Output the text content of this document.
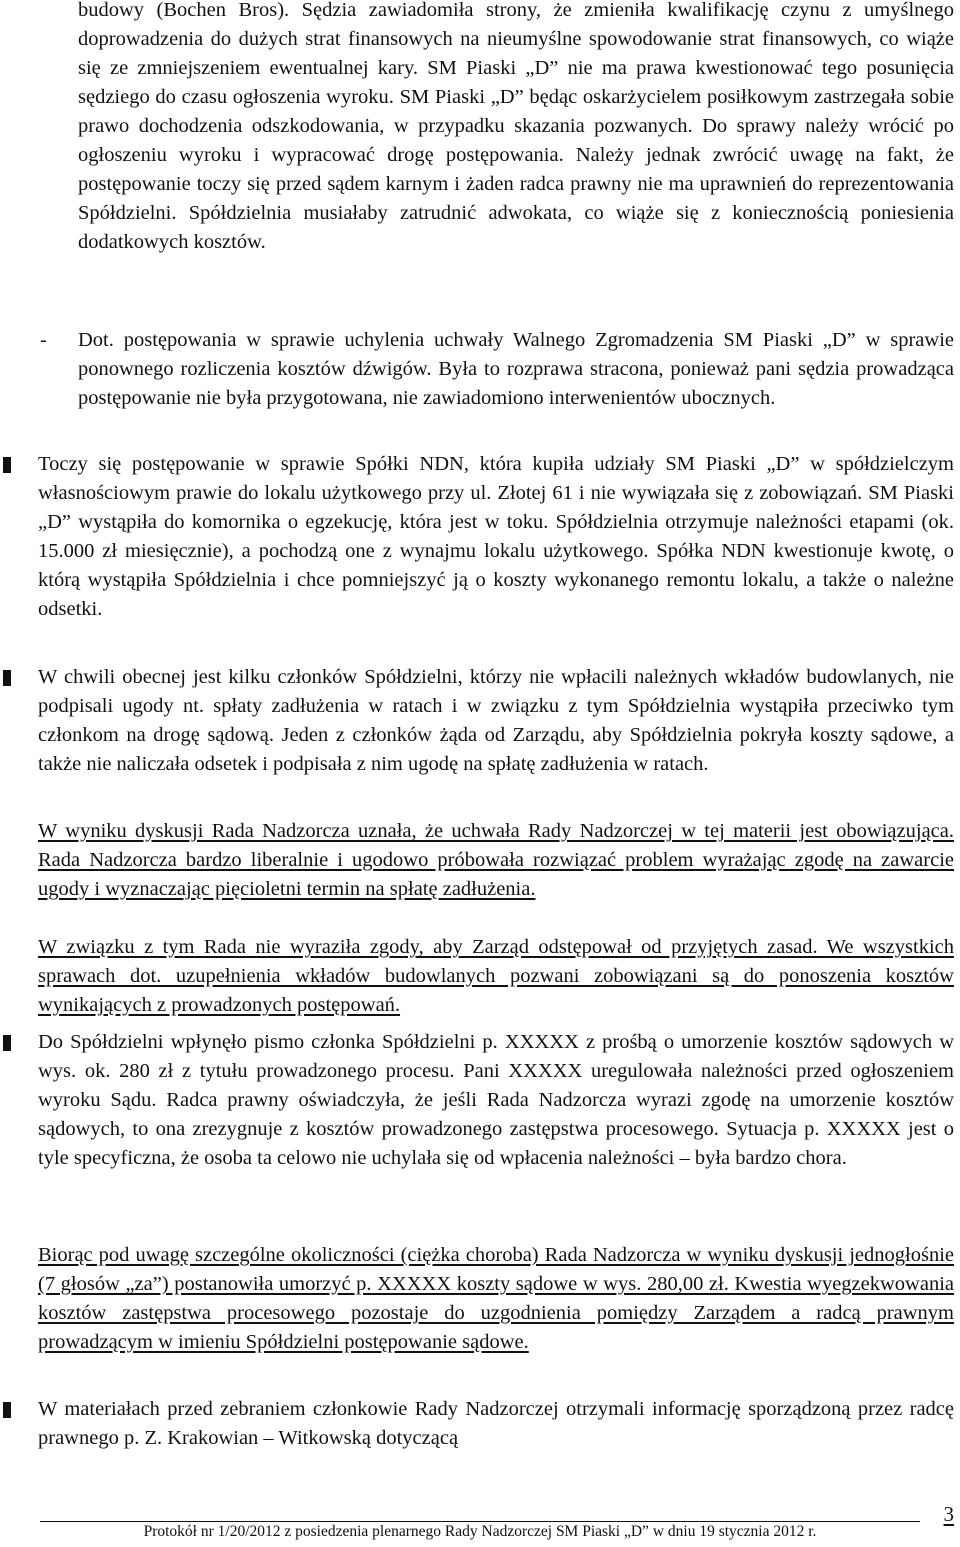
budowy (Bochen Bros). Sędzia zawiadomiła strony, że zmieniła kwalifikację czynu z umyślnego doprowadzenia do dużych strat finansowych na nieumyślne spowodowanie strat finansowych, co wiąże się ze zmniejszeniem ewentualnej kary. SM Piaski „D” nie ma prawa kwestionować tego posunięcia sędziego do czasu ogłoszenia wyroku. SM Piaski „D” będąc oskarżycielem posiłkowym zastrzegała sobie prawo dochodzenia odszkodowania, w przypadku skazania pozwanych. Do sprawy należy wrócić po ogłoszeniu wyroku i wypracować drogę postępowania. Należy jednak zwrócić uwagę na fakt, że postępowanie toczy się przed sądem karnym i żaden radca prawny nie ma uprawnień do reprezentowania Spółdzielni. Spółdzielnia musiałaby zatrudnić adwokata, co wiąże się z koniecznością poniesienia dodatkowych kosztów.
- Dot. postępowania w sprawie uchylenia uchwały Walnego Zgromadzenia SM Piaski „D” w sprawie ponownego rozliczenia kosztów dźwigów. Była to rozprawa stracona, ponieważ pani sędzia prowadząca postępowanie nie była przygotowana, nie zawiadomiono interwenientów ubocznych.
Toczy się postępowanie w sprawie Spółki NDN, która kupiła udziały SM Piaski „D” w spółdzielczym własnościowym prawie do lokalu użytkowego przy ul. Złotej 61 i nie wywiązała się z zobowiązań. SM Piaski „D” wystąpiła do komornika o egzekucję, która jest w toku. Spółdzielnia otrzymuje należności etapami (ok. 15.000 zł miesięcznie), a pochodzą one z wynajmu lokalu użytkowego. Spółka NDN kwestionuje kwotę, o którą wystąpiła Spółdzielnia i chce pomniejszyć ją o koszty wykonanego remontu lokalu, a także o należne odsetki.
W chwili obecnej jest kilku członków Spółdzielni, którzy nie wpłacili należnych wkładów budowlanych, nie podpisali ugody nt. spłaty zadłużenia w ratach i w związku z tym Spółdzielnia wystąpiła przeciwko tym członkom na drogę sądową. Jeden z członków żąda od Zarządu, aby Spółdzielnia pokryła koszty sądowe, a także nie naliczała odsetek i podpisała z nim ugodę na spłatę zadłużenia w ratach.
W wyniku dyskusji Rada Nadzorcza uznała, że uchwała Rady Nadzorczej w tej materii jest obowiązująca. Rada Nadzorcza bardzo liberalnie i ugodowo próbowała rozwiązać problem wyrażając zgodę na zawarcie ugody i wyznaczając pięcioletni termin na spłatę zadłużenia.
W związku z tym Rada nie wyraziła zgody, aby Zarząd odstępował od przyjętych zasad. We wszystkich sprawach dot. uzupełnienia wkładów budowlanych pozwani zobowiązani są do ponoszenia kosztów wynikających z prowadzonych postępowań.
Do Spółdzielni wpłynęło pismo członka Spółdzielni p. XXXXX z prośbą o umorzenie kosztów sądowych w wys. ok. 280 zł z tytułu prowadzonego procesu. Pani XXXXX uregulowała należności przed ogłoszeniem wyroku Sądu. Radca prawny oświadczyła, że jeśli Rada Nadzorcza wyrazi zgodę na umorzenie kosztów sądowych, to ona zrezygnuje z kosztów prowadzonego zastępstwa procesowego. Sytuacja p. XXXXX jest o tyle specyficzna, że osoba ta celowo nie uchylała się od wpłacenia należności – była bardzo chora.
Biorąc pod uwagę szczególne okoliczności (ciężka choroba) Rada Nadzorcza w wyniku dyskusji jednogłośnie (7 głosów „za”) postanowiła umorzyć p. XXXXX koszty sądowe w wys. 280,00 zł. Kwestia wyegzekwowania kosztów zastępstwa procesowego pozostaje do uzgodnienia pomiędzy Zarządem a radcą prawnym prowadzącym w imieniu Spółdzielni postępowanie sądowe.
W materiałach przed zebraniem członkowie Rady Nadzorczej otrzymali informację sporządzoną przez radcę prawnego p. Z. Krakowian – Witkowską dotyczącą
Protokół nr 1/20/2012 z posiedzenia plenarnego Rady Nadzorczej SM Piaski „D” w dniu 19 stycznia 2012 r.
3
